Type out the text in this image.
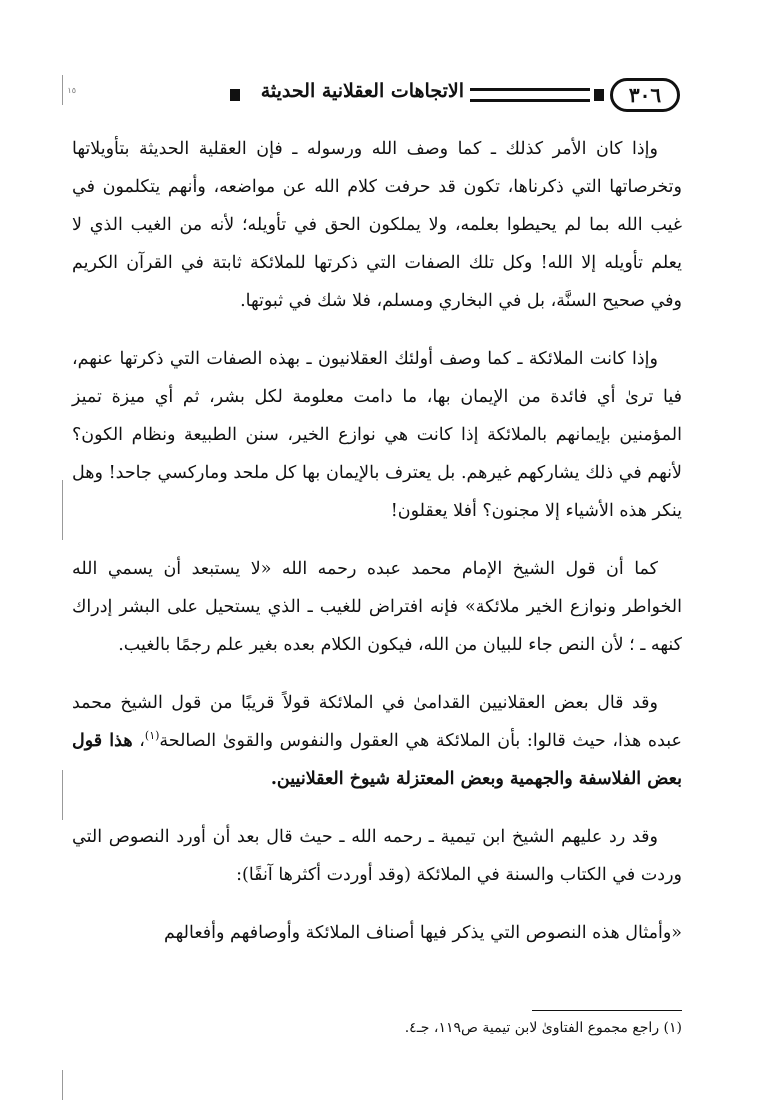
٣٠٦
الاتجاهات العقلانية الحديثة
١٥

وإذا كان الأمر كذلك ـ كما وصف الله ورسوله ـ فإن العقلية الحديثة بتأويلاتها وتخرصاتها التي ذكرناها، تكون قد حرفت كلام الله عن مواضعه، وأنهم يتكلمون في غيب الله بما لم يحيطوا بعلمه، ولا يملكون الحق في تأويله؛ لأنه من الغيب الذي لا يعلم تأويله إلا الله! وكل تلك الصفات التي ذكرتها للملائكة ثابتة في القرآن الكريم وفي صحيح السنَّة، بل في البخاري ومسلم، فلا شك في ثبوتها.

وإذا كانت الملائكة ـ كما وصف أولئك العقلانيون ـ بهذه الصفات التي ذكرتها عنهم، فيا ترىٰ أي فائدة من الإيمان بها، ما دامت معلومة لكل بشر، ثم أي ميزة تميز المؤمنين بإيمانهم بالملائكة إذا كانت هي نوازع الخير، سنن الطبيعة ونظام الكون؟ لأنهم في ذلك يشاركهم غيرهم. بل يعترف بالإيمان بها كل ملحد وماركسي جاحد! وهل ينكر هذه الأشياء إلا مجنون؟ أفلا يعقلون!

كما أن قول الشيخ الإمام محمد عبده رحمه الله «لا يستبعد أن يسمي الله الخواطر ونوازع الخير ملائكة» فإنه افتراض للغيب ـ الذي يستحيل على البشر إدراك كنهه ـ ؛ لأن النص جاء للبيان من الله، فيكون الكلام بعده بغير علم رجمًا بالغيب.

وقد قال بعض العقلانيين القدامىٰ في الملائكة قولاً قريبًا من قول الشيخ محمد عبده هذا، حيث قالوا: بأن الملائكة هي العقول والنفوس والقوىٰ الصالحة$^{(١)}$، هذا قول بعض الفلاسفة والجهمية وبعض المعتزلة شيوخ العقلانيين.

وقد رد عليهم الشيخ ابن تيمية ـ رحمه الله ـ حيث قال بعد أن أورد النصوص التي وردت في الكتاب والسنة في الملائكة (وقد أوردت أكثرها آنفًا):

«وأمثال هذه النصوص التي يذكر فيها أصناف الملائكة وأوصافهم وأفعالهم

(١) راجع مجموع الفتاوىٰ لابن تيمية ص١١٩، جـ٤.
